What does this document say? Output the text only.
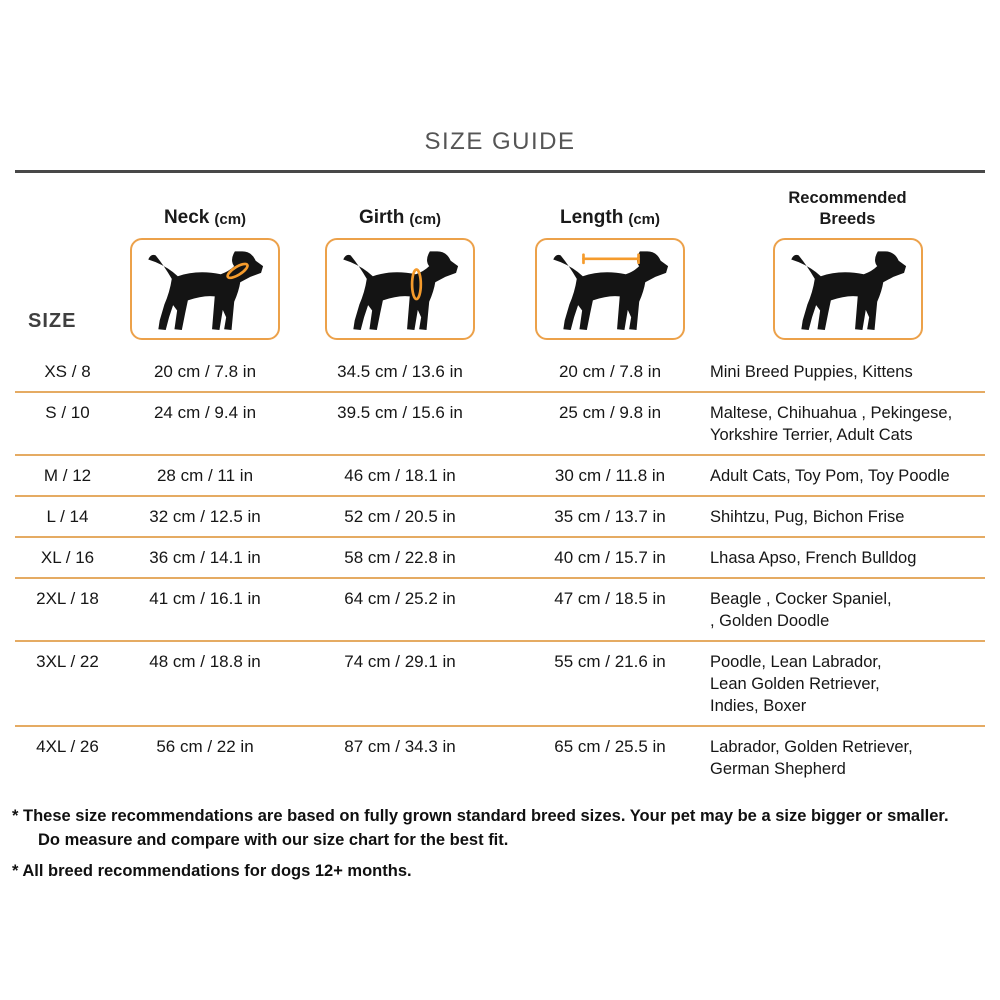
SIZE GUIDE
Neck (cm)	Girth (cm)	Length (cm)
Recommended Breeds
SIZE
XS / 8	20 cm / 7.8 in	34.5 cm / 13.6 in	20 cm / 7.8 in	Mini Breed Puppies, Kittens
S / 10	24 cm / 9.4 in	39.5 cm / 15.6 in	25 cm / 9.8 in	Maltese, Chihuahua , Pekingese,
Yorkshire Terrier, Adult Cats
M / 12	28 cm / 11 in	46 cm / 18.1 in	30 cm / 11.8 in	Adult Cats, Toy Pom, Toy Poodle
L / 14	32 cm / 12.5 in	52 cm / 20.5 in	35 cm / 13.7 in	Shihtzu, Pug, Bichon Frise
XL / 16	36 cm / 14.1 in	58 cm / 22.8 in	40 cm / 15.7 in	Lhasa Apso, French Bulldog
2XL / 18	41 cm / 16.1 in	64 cm / 25.2 in	47 cm / 18.5 in	Beagle , Cocker Spaniel,
, Golden Doodle
3XL / 22	48 cm / 18.8 in	74 cm / 29.1 in	55 cm / 21.6 in	Poodle, Lean Labrador,
Lean Golden Retriever,
Indies, Boxer
4XL / 26	56 cm / 22 in	87 cm / 34.3 in	65 cm / 25.5 in	Labrador, Golden Retriever,
German Shepherd
* These size recommendations are based on fully grown standard breed sizes. Your pet may be a size bigger or smaller.
Do measure and compare with our size chart for the best fit.
* All breed recommendations for dogs 12+ months.
